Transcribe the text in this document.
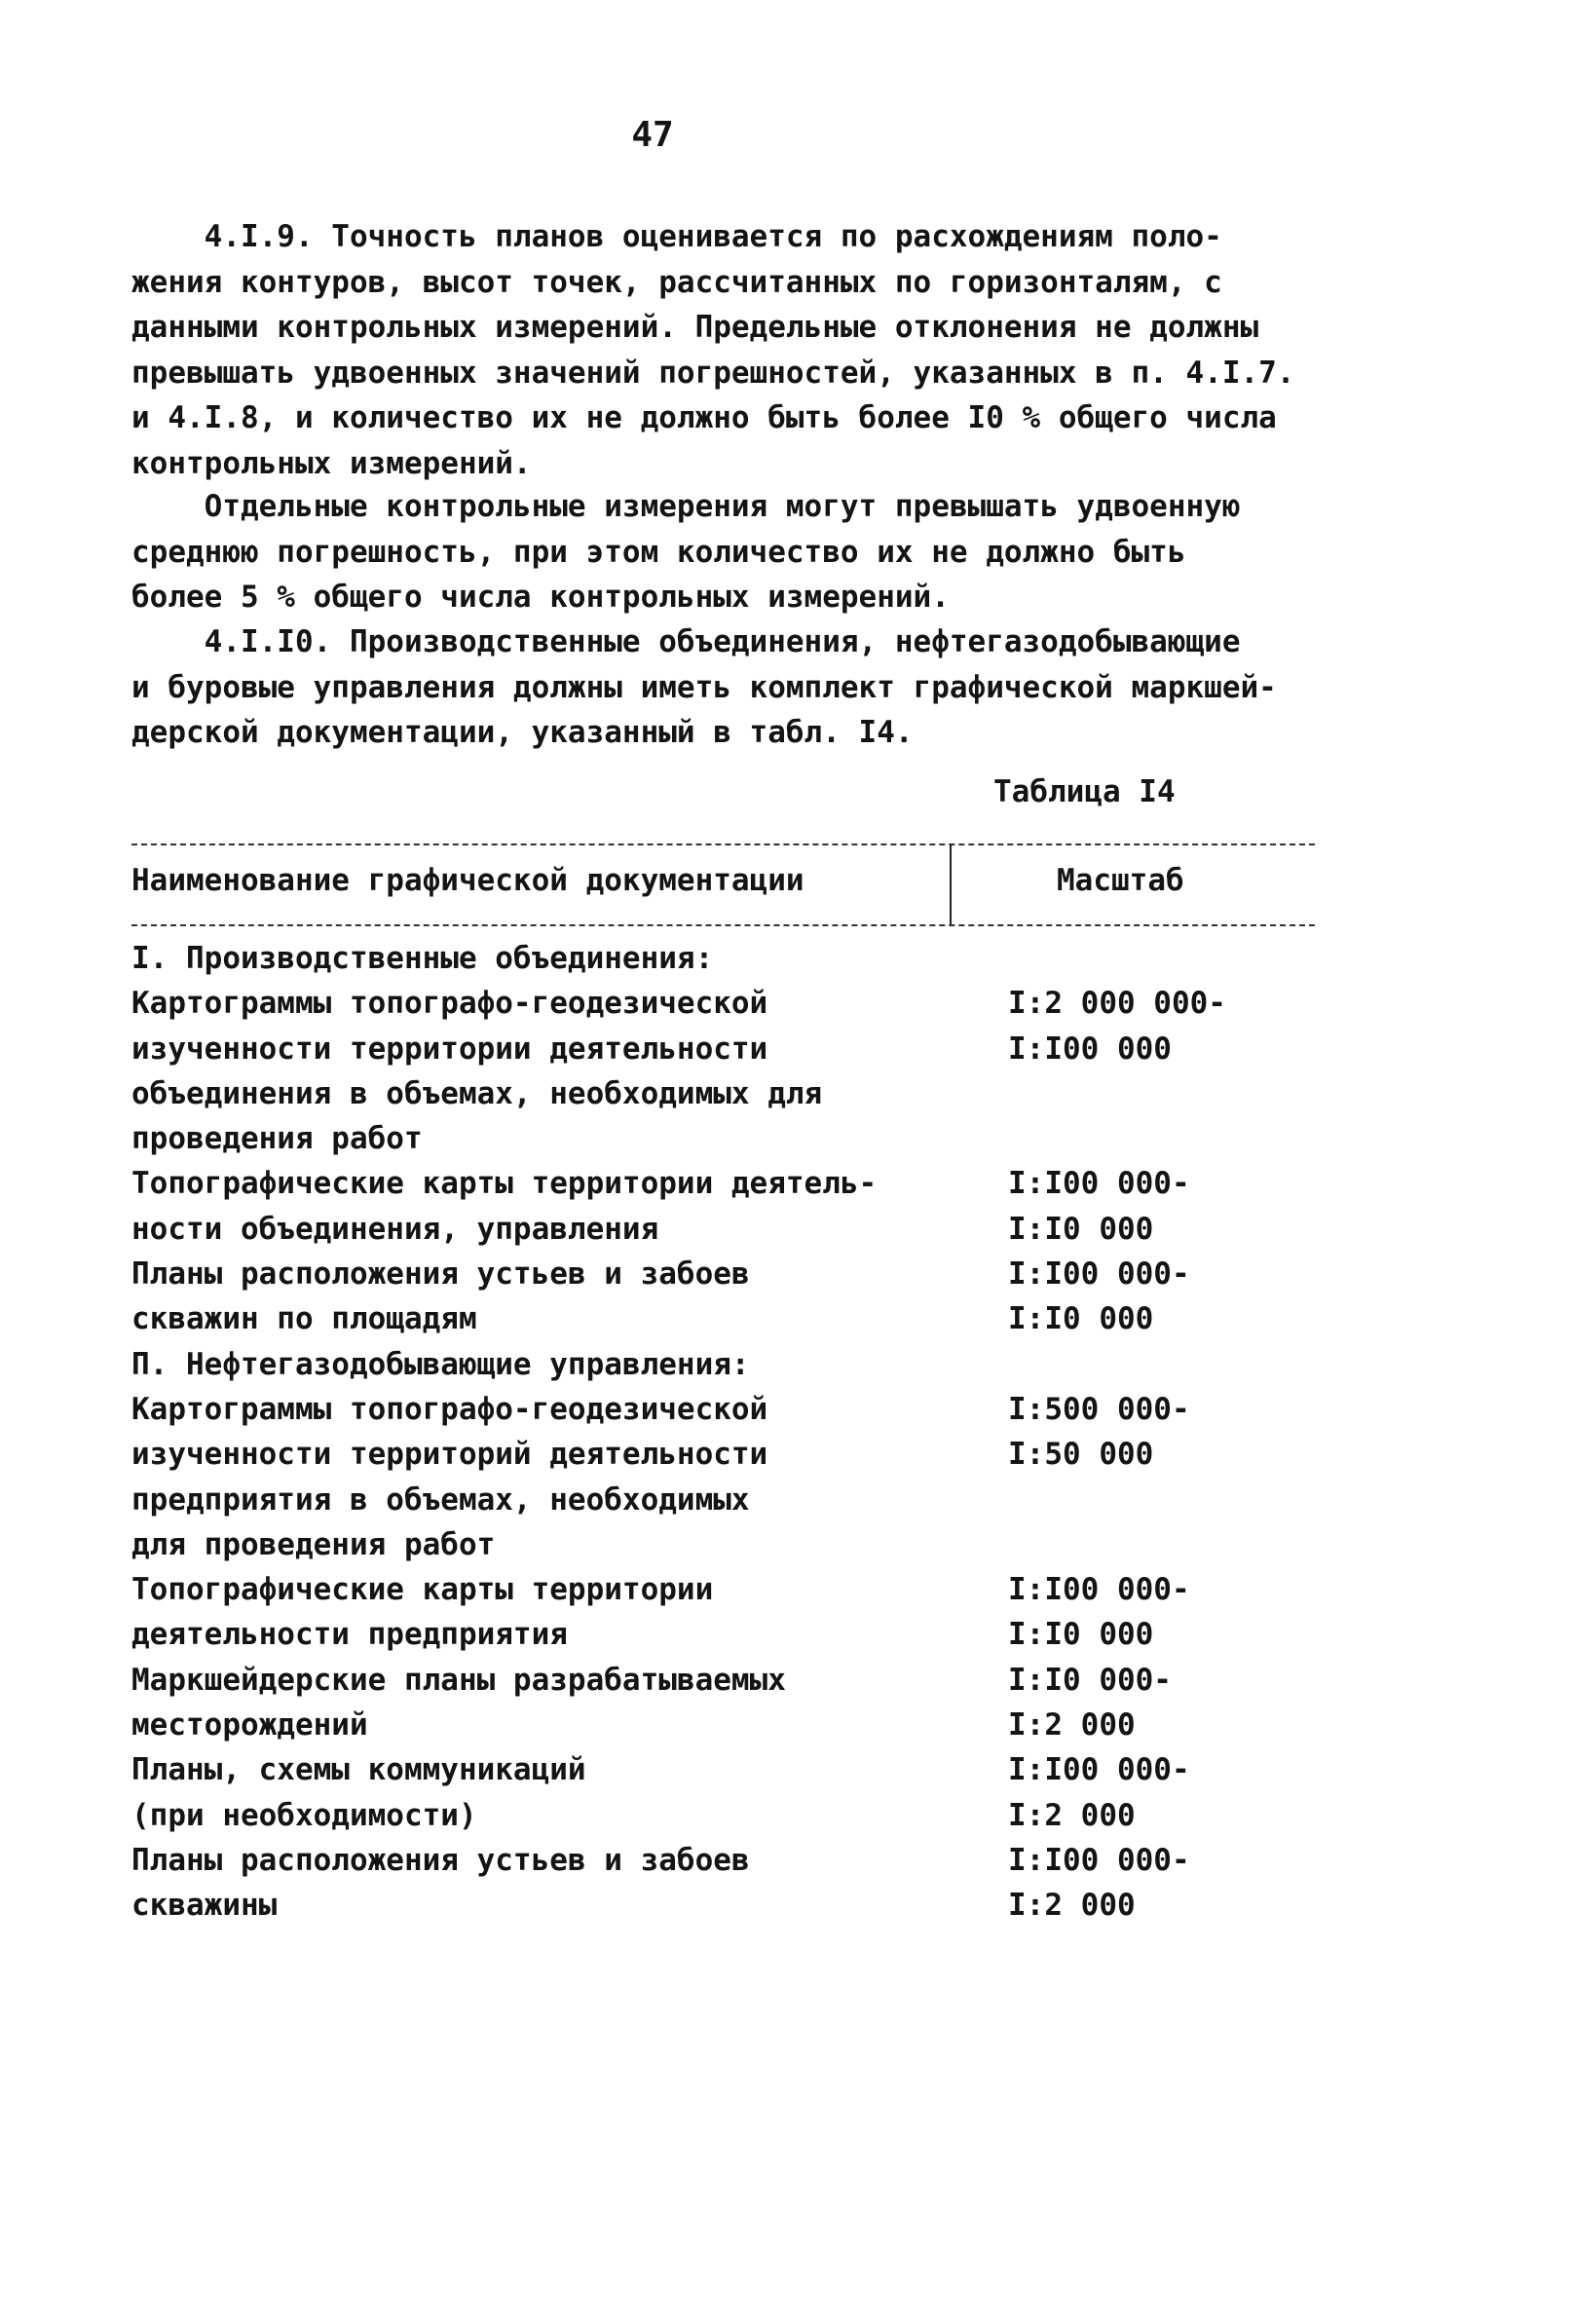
47
4.I.9. Точность планов оценивается по расхождениям поло-
жения контуров, высот точек, рассчитанных по горизонталям, с
данными контрольных измерений. Предельные отклонения не должны
превышать удвоенных значений погрешностей, указанных в п. 4.I.7.
и 4.I.8, и количество их не должно быть более I0 % общего числа
контрольных измерений.
Отдельные контрольные измерения могут превышать удвоенную
среднюю погрешность, при этом количество их не должно быть
более 5 % общего числа контрольных измерений.
4.I.I0. Производственные объединения, нефтегазодобывающие
и буровые управления должны иметь комплект графической маркшей-
дерской документации, указанный в табл. I4.
Таблица I4
Наименование графической документации	Масштаб
I. Производственные объединения:
Картограммы топографо-геодезической	I:2 000 000-
изученности территории деятельности	I:I00 000
объединения в объемах, необходимых для
проведения работ
Топографические карты территории деятель-	I:I00 000-
ности объединения, управления	I:I0 000
Планы расположения устьев и забоев	I:I00 000-
скважин по площадям	I:I0 000
П. Нефтегазодобывающие управления:
Картограммы топографо-геодезической	I:500 000-
изученности территорий деятельности	I:50 000
предприятия в объемах, необходимых
для проведения работ
Топографические карты территории	I:I00 000-
деятельности предприятия	I:I0 000
Маркшейдерские планы разрабатываемых	I:I0 000-
месторождений	I:2 000
Планы, схемы коммуникаций	I:I00 000-
(при необходимости)	I:2 000
Планы расположения устьев и забоев	I:I00 000-
скважины	I:2 000
